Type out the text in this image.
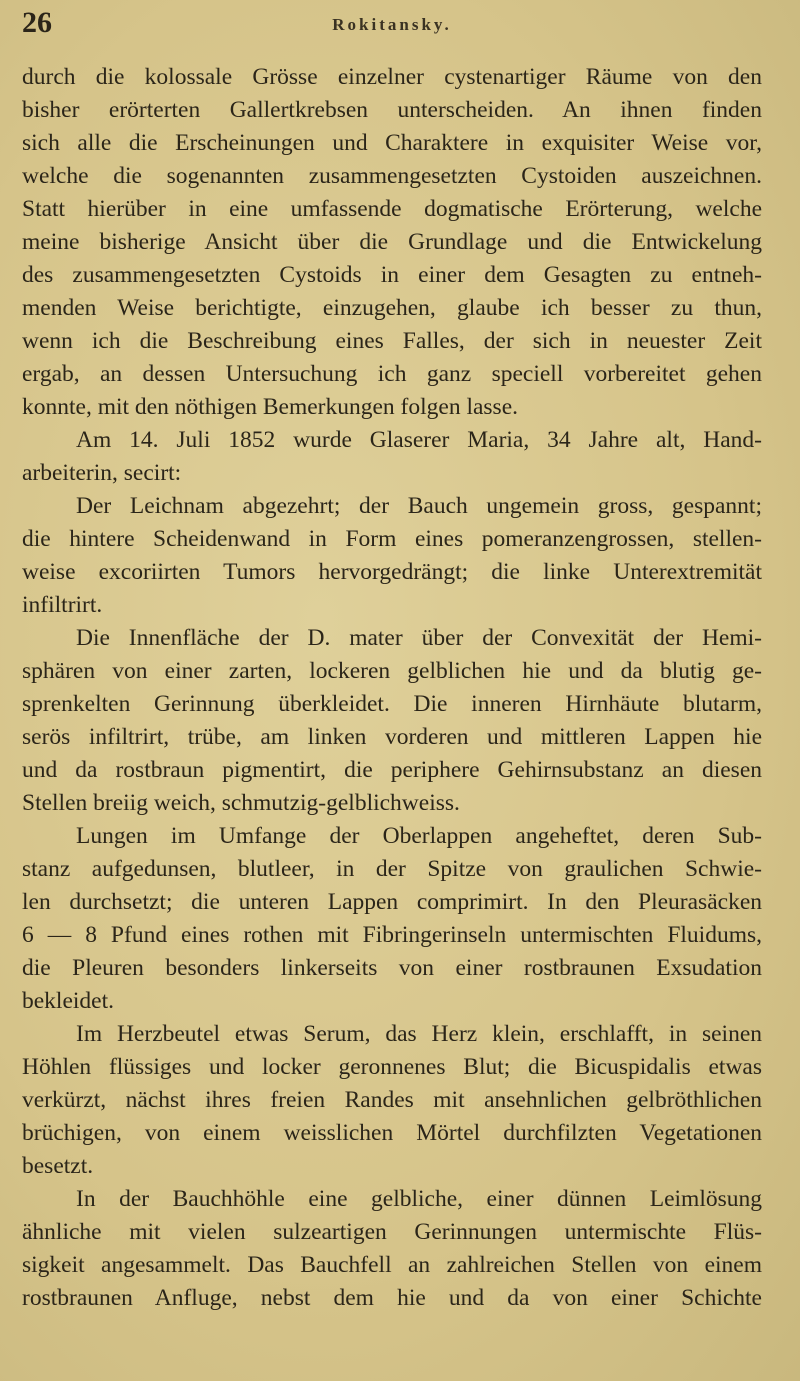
26	Rokitansky.
durch die kolossale Grösse einzelner cystenartiger Räume von den
bisher erörterten Gallertkrebsen unterscheiden. An ihnen finden
sich alle die Erscheinungen und Charaktere in exquisiter Weise vor,
welche die sogenannten zusammengesetzten Cystoiden auszeichnen.
Statt hierüber in eine umfassende dogmatische Erörterung, welche
meine bisherige Ansicht über die Grundlage und die Entwickelung
des zusammengesetzten Cystoids in einer dem Gesagten zu entneh-
menden Weise berichtigte, einzugehen, glaube ich besser zu thun,
wenn ich die Beschreibung eines Falles, der sich in neuester Zeit
ergab, an dessen Untersuchung ich ganz speciell vorbereitet gehen
konnte, mit den nöthigen Bemerkungen folgen lasse.
Am 14. Juli 1852 wurde Glaserer Maria, 34 Jahre alt, Hand-
arbeiterin, secirt:
Der Leichnam abgezehrt; der Bauch ungemein gross, gespannt;
die hintere Scheidenwand in Form eines pomeranzengrossen, stellen-
weise excoriirten Tumors hervorgedrängt; die linke Unterextremität
infiltrirt.
Die Innenfläche der D. mater über der Convexität der Hemi-
sphären von einer zarten, lockeren gelblichen hie und da blutig ge-
sprenkelten Gerinnung überkleidet. Die inneren Hirnhäute blutarm,
serös infiltrirt, trübe, am linken vorderen und mittleren Lappen hie
und da rostbraun pigmentirt, die periphere Gehirnsubstanz an diesen
Stellen breiig weich, schmutzig-gelblichweiss.
Lungen im Umfange der Oberlappen angeheftet, deren Sub-
stanz aufgedunsen, blutleer, in der Spitze von graulichen Schwie-
len durchsetzt; die unteren Lappen comprimirt. In den Pleurasäcken
6 — 8 Pfund eines rothen mit Fibringerinseln untermischten Fluidums,
die Pleuren besonders linkerseits von einer rostbraunen Exsudation
bekleidet.
Im Herzbeutel etwas Serum, das Herz klein, erschlafft, in seinen
Höhlen flüssiges und locker geronnenes Blut; die Bicuspidalis etwas
verkürzt, nächst ihres freien Randes mit ansehnlichen gelbröthlichen
brüchigen, von einem weisslichen Mörtel durchfilzten Vegetationen
besetzt.
In der Bauchhöhle eine gelbliche, einer dünnen Leimlösung
ähnliche mit vielen sulzeartigen Gerinnungen untermischte Flüs-
sigkeit angesammelt. Das Bauchfell an zahlreichen Stellen von einem
rostbraunen Anfluge, nebst dem hie und da von einer Schichte
